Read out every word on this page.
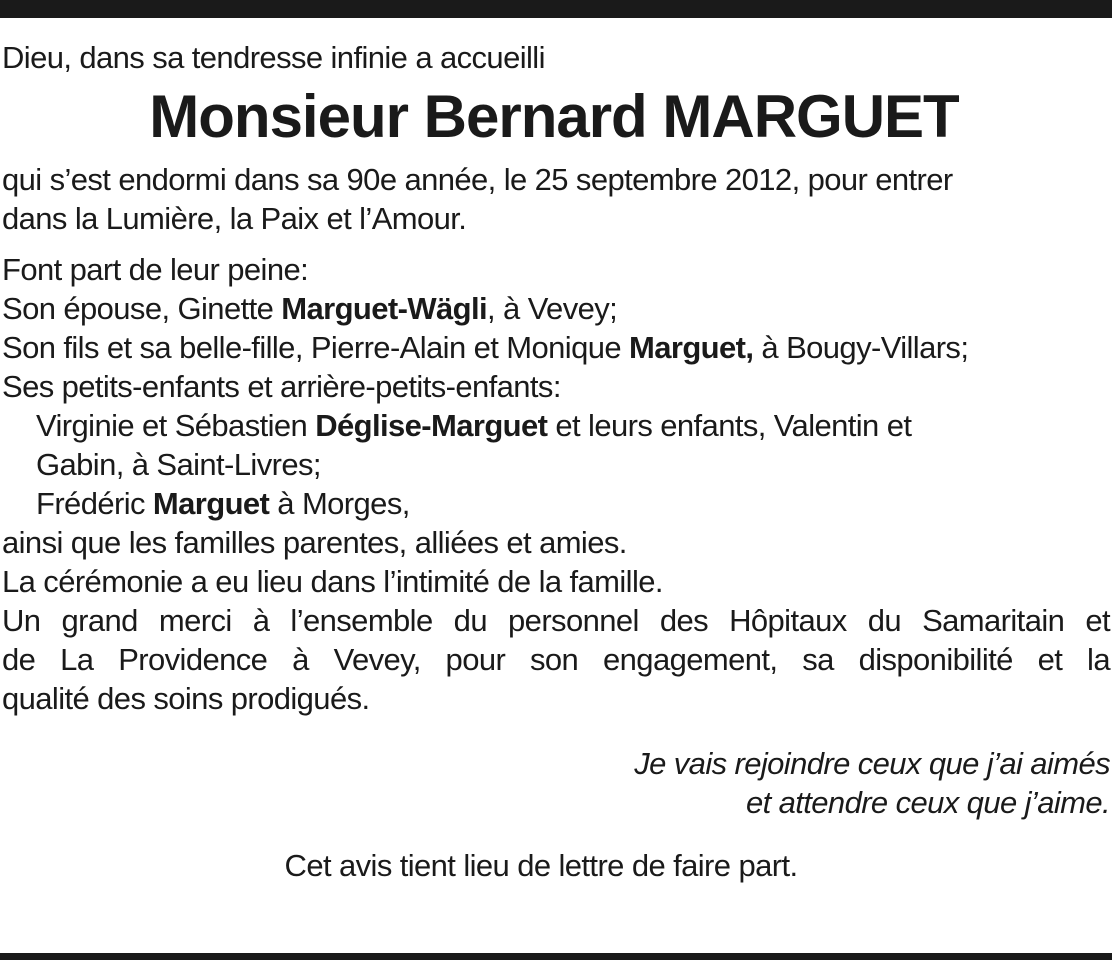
Dieu, dans sa tendresse infinie a accueilli
Monsieur Bernard MARGUET
qui s’est endormi dans sa 90e année, le 25 septembre 2012, pour entrer
dans la Lumière, la Paix et l’Amour.
Font part de leur peine:
Son épouse, Ginette Marguet-Wägli, à Vevey;
Son fils et sa belle-fille, Pierre-Alain et Monique Marguet, à Bougy-Villars;
Ses petits-enfants et arrière-petits-enfants:
Virginie et Sébastien Déglise-Marguet et leurs enfants, Valentin et
Gabin, à Saint-Livres;
Frédéric Marguet à Morges,
ainsi que les familles parentes, alliées et amies.
La cérémonie a eu lieu dans l’intimité de la famille.
Un grand merci à l’ensemble du personnel des Hôpitaux du Samaritain et
de La Providence à Vevey, pour son engagement, sa disponibilité et la
qualité des soins prodigués.
Je vais rejoindre ceux que j’ai aimés
et attendre ceux que j’aime.
Cet avis tient lieu de lettre de faire part.
